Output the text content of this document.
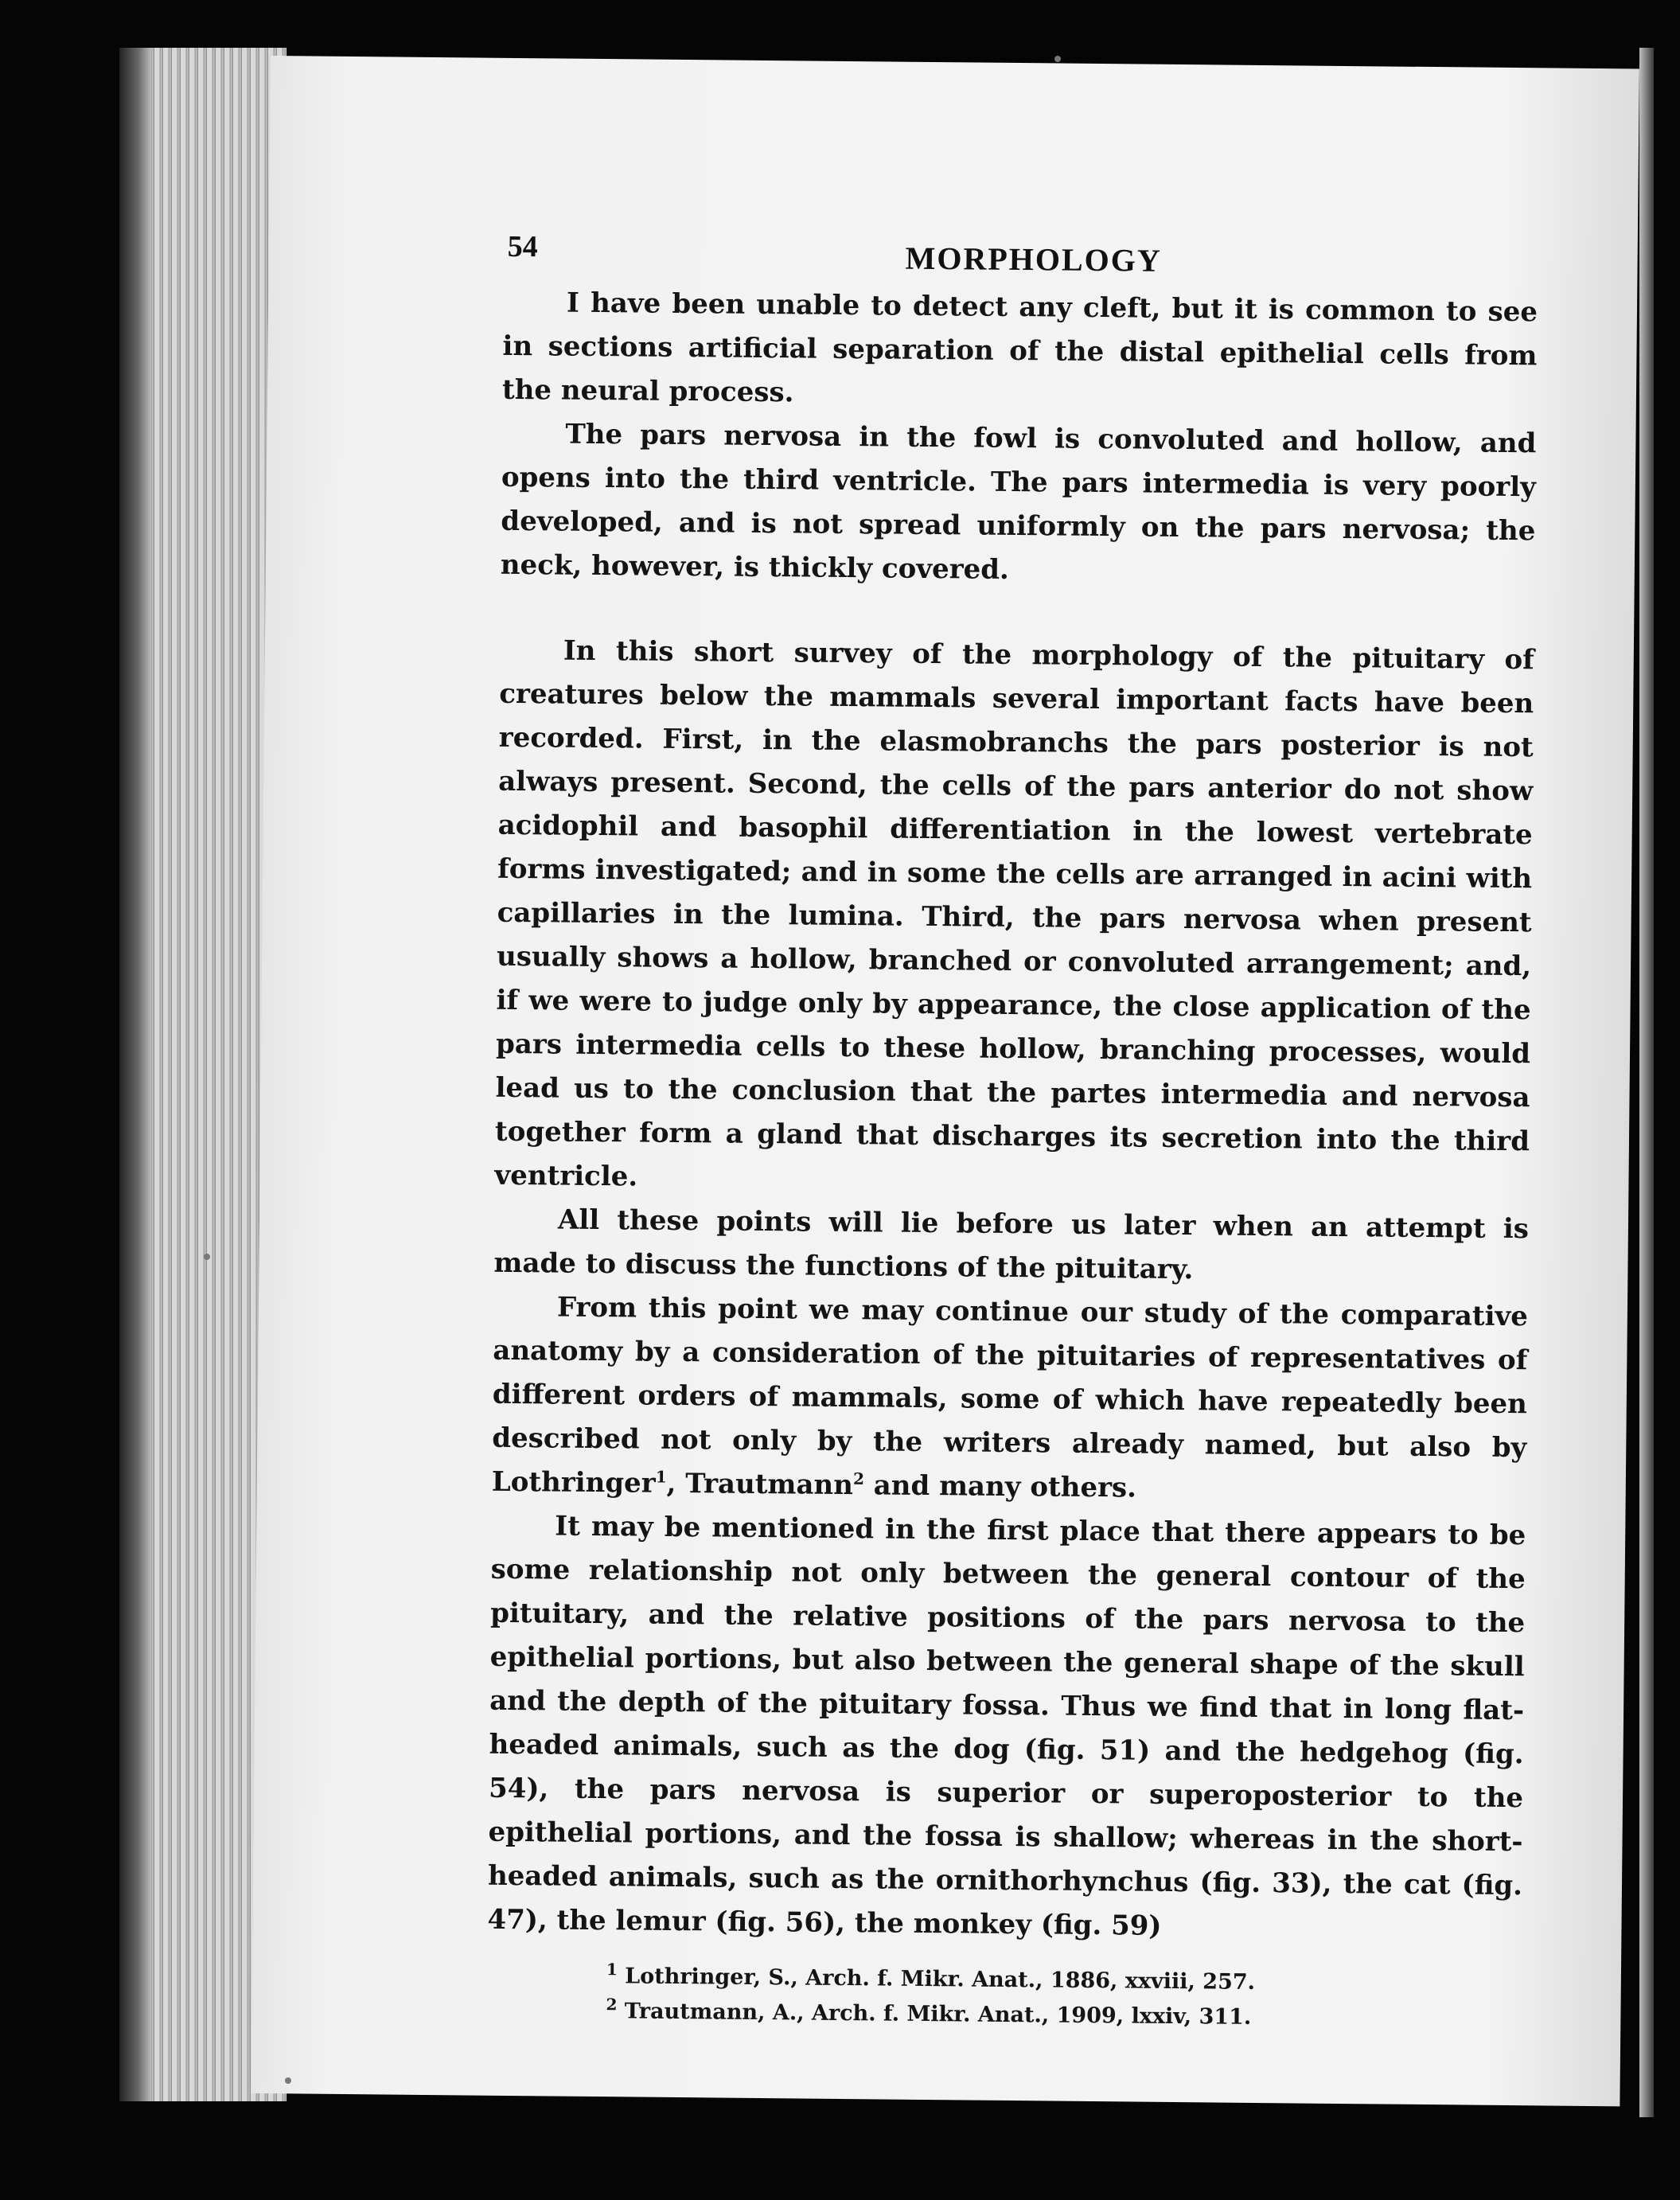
54	MORPHOLOGY

I have been unable to detect any cleft, but it is common to see in sections artificial separation of the distal epithelial cells from the neural process.

The pars nervosa in the fowl is convoluted and hollow, and opens into the third ventricle. The pars intermedia is very poorly developed, and is not spread uniformly on the pars nervosa; the neck, however, is thickly covered.

In this short survey of the morphology of the pituitary of creatures below the mammals several important facts have been recorded. First, in the elasmobranchs the pars posterior is not always present. Second, the cells of the pars anterior do not show acidophil and basophil differentiation in the lowest vertebrate forms investigated; and in some the cells are arranged in acini with capillaries in the lumina. Third, the pars nervosa when present usually shows a hollow, branched or convoluted arrangement; and, if we were to judge only by appearance, the close application of the pars intermedia cells to these hollow, branching processes, would lead us to the conclusion that the partes intermedia and nervosa together form a gland that discharges its secretion into the third ventricle.

All these points will lie before us later when an attempt is made to discuss the functions of the pituitary.

From this point we may continue our study of the comparative anatomy by a consideration of the pituitaries of representatives of different orders of mammals, some of which have repeatedly been described not only by the writers already named, but also by Lothringer$^1$, Trautmann$^2$ and many others.

It may be mentioned in the first place that there appears to be some relationship not only between the general contour of the pituitary, and the relative positions of the pars nervosa to the epithelial portions, but also between the general shape of the skull and the depth of the pituitary fossa. Thus we find that in long flat-headed animals, such as the dog (fig. 51) and the hedgehog (fig. 54), the pars nervosa is superior or superoposterior to the epithelial portions, and the fossa is shallow; whereas in the short-headed animals, such as the ornithorhynchus (fig. 33), the cat (fig. 47), the lemur (fig. 56), the monkey (fig. 59)

$^1$ Lothringer, S., Arch. f. Mikr. Anat., 1886, xxviii, 257.
$^2$ Trautmann, A., Arch. f. Mikr. Anat., 1909, lxxiv, 311.
